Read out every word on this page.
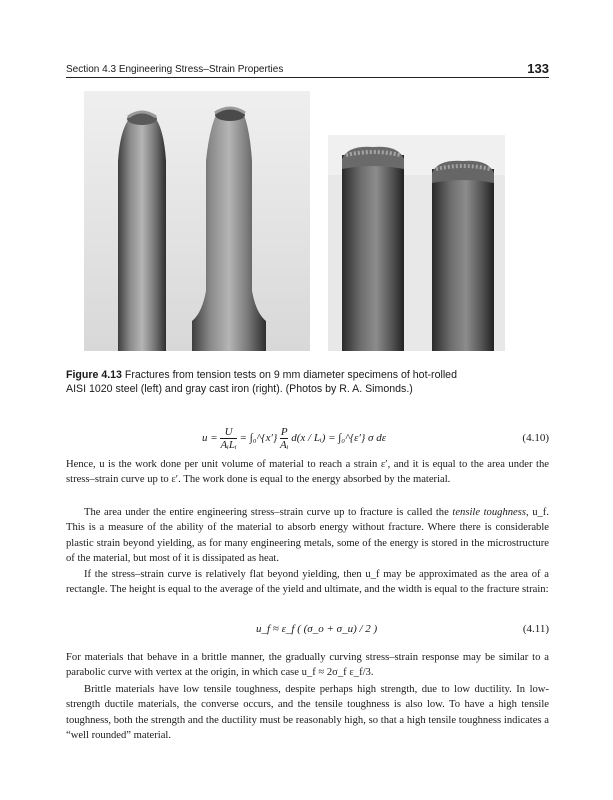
Section 4.3 Engineering Stress–Strain Properties	133
Figure 4.13 Fractures from tension tests on 9 mm diameter specimens of hot-rolled
AISI 1020 steel (left) and gray cast iron (right). (Photos by R. A. Simonds.)
$u = \frac{U}{\text{AᵢLᵢ}}$ = ∫₀^{x′} $\frac{P}{\text{Aᵢ}} d(x$ / Lᵢ) = ∫₀^{ε′} σ dε	(4.10)

Hence, u is the work done per unit volume of material to reach a strain ε′, and it is equal to the area under the stress–strain curve up to ε′. The work done is equal to the energy absorbed by the material.

The area under the entire engineering stress–strain curve up to fracture is called the tensile toughness, u_f. This is a measure of the ability of the material to absorb energy without fracture. Where there is considerable plastic strain beyond yielding, as for many engineering metals, some of the energy is stored in the microstructure of the material, but most of it is dissipated as heat.

If the stress–strain curve is relatively flat beyond yielding, then u_f may be approximated as the area of a rectangle. The height is equal to the average of the yield and ultimate, and the width is equal to the fracture strain:

u_f ≈ ε_f ( (σ_o + σ_u) / 2 )	(4.11)

For materials that behave in a brittle manner, the gradually curving stress–strain response may be similar to a parabolic curve with vertex at the origin, in which case u_f ≈ 2σ_f ε_f/3.

Brittle materials have low tensile toughness, despite perhaps high strength, due to low ductility. In low-strength ductile materials, the converse occurs, and the tensile toughness is also low. To have a high tensile toughness, both the strength and the ductility must be reasonably high, so that a high tensile toughness indicates a “well rounded” material.
